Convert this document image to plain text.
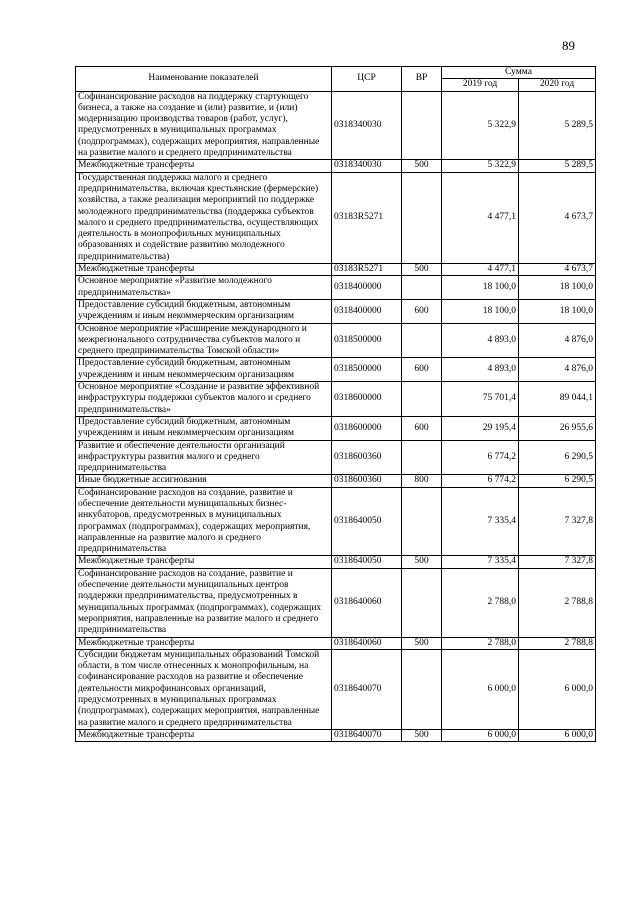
89
Наименование показателей	ЦСР	ВР	Сумма	
			2019 год	2020 год
Софинансирование расходов на поддержку стартующего бизнеса, а также на создание и (или) развитие, и (или) модернизацию производства товаров (работ, услуг), предусмотренных в муниципальных программах (подпрограммах), содержащих мероприятия, направленные на развитие малого и среднего предпринимательства	0318340030		5 322,9	5 289,5
Межбюджетные трансферты	0318340030	500	5 322,9	5 289,5
Государственная поддержка малого и среднего предпринимательства, включая крестьянские (фермерские) хозяйства, а также реализация мероприятий по поддержке молодежного предпринимательства (поддержка субъектов малого и среднего предпринимательства, осуществляющих деятельность в монопрофильных муниципальных образованиях и содействие развитию молодежного предпринимательства)	03183R5271		4 477,1	4 673,7
Межбюджетные трансферты	03183R5271	500	4 477,1	4 673,7
Основное мероприятие «Развитие молодежного предпринимательства»	0318400000		18 100,0	18 100,0
Предоставление субсидий бюджетным, автономным учреждениям и иным некоммерческим организациям	0318400000	600	18 100,0	18 100,0
Основное мероприятие «Расширение международного и межрегионального сотрудничества субъектов малого и среднего предпринимательства Томской области»	0318500000		4 893,0	4 876,0
Предоставление субсидий бюджетным, автономным учреждениям и иным некоммерческим организациям	0318500000	600	4 893,0	4 876,0
Основное мероприятие «Создание и развитие эффективной инфраструктуры поддержки субъектов малого и среднего предпринимательства»	0318600000		75 701,4	89 044,1
Предоставление субсидий бюджетным, автономным учреждениям и иным некоммерческим организациям	0318600000	600	29 195,4	26 955,6
Развитие и обеспечение деятельности организаций инфраструктуры развития малого и среднего предпринимательства	0318600360		6 774,2	6 290,5
Иные бюджетные ассигнования	0318600360	800	6 774,2	6 290,5
Софинансирование расходов на создание, развитие и обеспечение деятельности муниципальных бизнес-инкубаторов, предусмотренных в муниципальных программах (подпрограммах), содержащих мероприятия, направленные на развитие малого и среднего предпринимательства	0318640050		7 335,4	7 327,8
Межбюджетные трансферты	0318640050	500	7 335,4	7 327,8
Софинансирование расходов на создание, развитие и обеспечение деятельности муниципальных центров поддержки предпринимательства, предусмотренных в муниципальных программах (подпрограммах), содержащих мероприятия, направленные на развитие малого и среднего предпринимательства	0318640060		2 788,0	2 788,8
Межбюджетные трансферты	0318640060	500	2 788,0	2 788,8
Субсидии бюджетам муниципальных образований Томской области, в том числе отнесенных к монопрофильным, на софинансирование расходов на развитие и обеспечение деятельности микрофинансовых организаций, предусмотренных в муниципальных программах (подпрограммах), содержащих мероприятия, направленные на развитие малого и среднего предпринимательства	0318640070		6 000,0	6 000,0
Межбюджетные трансферты	0318640070	500	6 000,0	6 000,0
